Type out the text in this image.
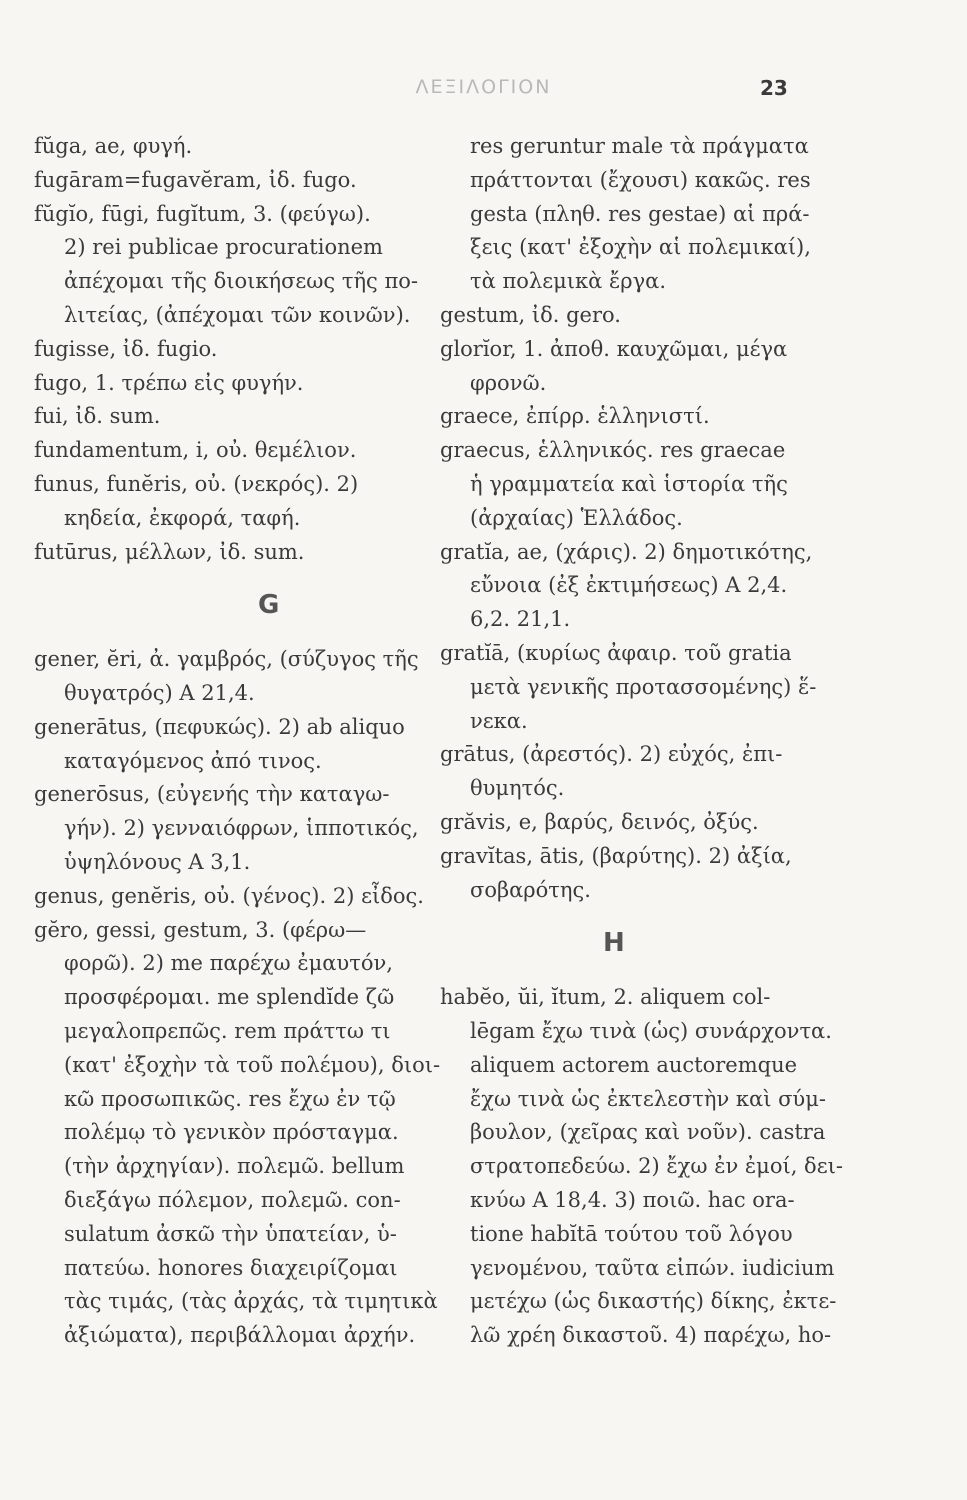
ΛΕΞΙΛΟΓΙΟΝ	23
fŭga, ae, φυγή.
fugāram=fugavĕram, ἰδ. fugo.
fŭgĭo, fūgi, fugĭtum, 3. (φεύγω).
2) rei publicae procurationem
ἀπέχομαι τῆς διοικήσεως τῆς πο-
λιτείας, (ἀπέχομαι τῶν κοινῶν).
fugisse, ἰδ. fugio.
fugo, 1. τρέπω εἰς φυγήν.
fui, ἰδ. sum.
fundamentum, i, οὐ. θεμέλιον.
funus, funĕris, οὐ. (νεκρός). 2)
κηδεία, ἐκφορά, ταφή.
futūrus, μέλλων, ἰδ. sum.
G
gener, ĕri, ἀ. γαμβρός, (σύζυγος τῆς
θυγατρός) Α 21,4.
generātus, (πεφυκώς). 2) ab aliquo
καταγόμενος ἀπό τινος.
generōsus, (εὐγενής τὴν καταγω-
γήν). 2) γενναιόφρων, ἱπποτικός,
ὑψηλόνους Α 3,1.
genus, genĕris, οὐ. (γένος). 2) εἶδος.
gĕro, gessi, gestum, 3. (φέρω—
φορῶ). 2) me παρέχω ἐμαυτόν,
προσφέρομαι. me splendĭde ζῶ
μεγαλοπρεπῶς. rem πράττω τι
(κατ' ἐξοχὴν τὰ τοῦ πολέμου), διοι-
κῶ προσωπικῶς. res ἔχω ἐν τῷ
πολέμῳ τὸ γενικὸν πρόσταγμα.
(τὴν ἀρχηγίαν). πολεμῶ. bellum
διεξάγω πόλεμον, πολεμῶ. con-
sulatum ἀσκῶ τὴν ὑπατείαν, ὑ-
πατεύω. honores διαχειρίζομαι
τὰς τιμάς, (τὰς ἀρχάς, τὰ τιμητικὰ
ἀξιώματα), περιβάλλομαι ἀρχήν.
res geruntur male τὰ πράγματα
πράττονται (ἔχουσι) κακῶς. res
gesta (πληθ. res gestae) αἱ πρά-
ξεις (κατ' ἐξοχὴν αἱ πολεμικαί),
τὰ πολεμικὰ ἔργα.
gestum, ἰδ. gero.
glorĭor, 1. ἀποθ. καυχῶμαι, μέγα
φρονῶ.
graece, ἐπίρρ. ἑλληνιστί.
graecus, ἑλληνικός. res graecae
ἡ γραμματεία καὶ ἱστορία τῆς
(ἀρχαίας) Ἑλλάδος.
gratĭa, ae, (χάρις). 2) δημοτικότης,
εὔνοια (ἐξ ἐκτιμήσεως) Α 2,4.
6,2. 21,1.
gratĭā, (κυρίως ἀφαιρ. τοῦ gratia
μετὰ γενικῆς προτασσομένης) ἕ-
νεκα.
grātus, (ἀρεστός). 2) εὐχός, ἐπι-
θυμητός.
grăvis, e, βαρύς, δεινός, ὀξύς.
gravĭtas, ātis, (βαρύτης). 2) ἀξία,
σοβαρότης.
H
habĕo, ŭi, ĭtum, 2. aliquem col-
lēgam ἔχω τινὰ (ὡς) συνάρχοντα.
aliquem actorem auctoremque
ἔχω τινὰ ὡς ἐκτελεστὴν καὶ σύμ-
βουλον, (χεῖρας καὶ νοῦν). castra
στρατοπεδεύω. 2) ἔχω ἐν ἐμοί, δει-
κνύω Α 18,4. 3) ποιῶ. hac ora-
tione habĭtā τούτου τοῦ λόγου
γενομένου, ταῦτα εἰπών. iudicium
μετέχω (ὡς δικαστής) δίκης, ἐκτε-
λῶ χρέη δικαστοῦ. 4) παρέχω, ho-
